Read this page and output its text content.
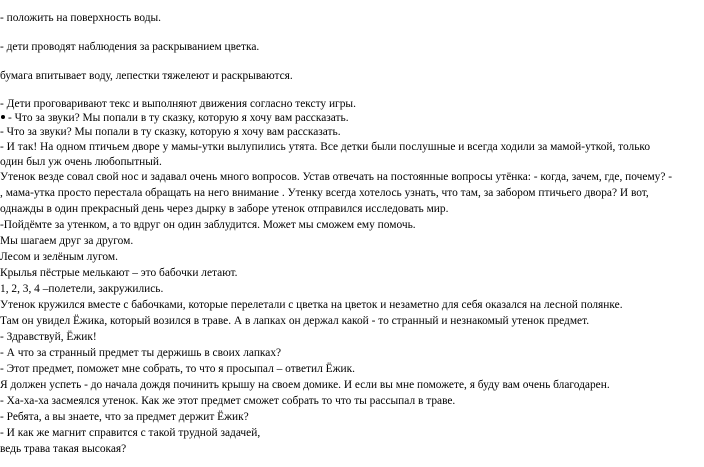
- положить на поверхность воды.
- дети проводят наблюдения за раскрыванием цветка.
бумага впитывает воду, лепестки тяжелеют и раскрываются.
- Дети проговаривают текс и выполняют движения согласно тексту игры.
- Что за звуки? Мы попали в ту сказку, которую я хочу вам рассказать.
- Что за звуки? Мы попали в ту сказку, которую я хочу вам рассказать.
- И так! На одном птичьем дворе у мамы-утки вылупились утята. Все детки были послушные и всегда ходили за мамой-уткой, только
один был уж очень любопытный.
Утенок везде совал свой нос и задавал очень много вопросов. Устав отвечать на постоянные вопросы утёнка: - когда, зачем, где, почему? -
, мама-утка просто перестала обращать на него внимание . Утенку всегда хотелось узнать, что там, за забором птичьего двора? И вот,
однажды в один прекрасный день через дырку в заборе утенок отправился исследовать мир.
-Пойдёмте за утенком, а то вдруг он один заблудится. Может мы сможем ему помочь.
Мы шагаем друг за другом.
Лесом и зелёным лугом.
Крылья пёстрые мелькают – это бабочки летают.
1, 2, 3, 4 –полетели, закружились.
Утенок кружился вместе с бабочками, которые перелетали с цветка на цветок и незаметно для себя оказался на лесной полянке.
Там он увидел Ёжика, который возился в траве. А в лапках он держал какой - то странный и незнакомый утенок предмет.
- Здравствуй, Ёжик!
- А что за странный предмет ты держишь в своих лапках?
- Этот предмет, поможет мне собрать, то что я просыпал – ответил Ёжик.
Я должен успеть - до начала дождя починить крышу на своем домике. И если вы мне поможете, я буду вам очень благодарен.
- Ха-ха-ха засмеялся утенок. Как же этот предмет сможет собрать то что ты рассыпал в траве.
- Ребята, а вы знаете, что за предмет держит Ёжик?
- И как же магнит справится с такой трудной задачей,
ведь трава такая высокая?
